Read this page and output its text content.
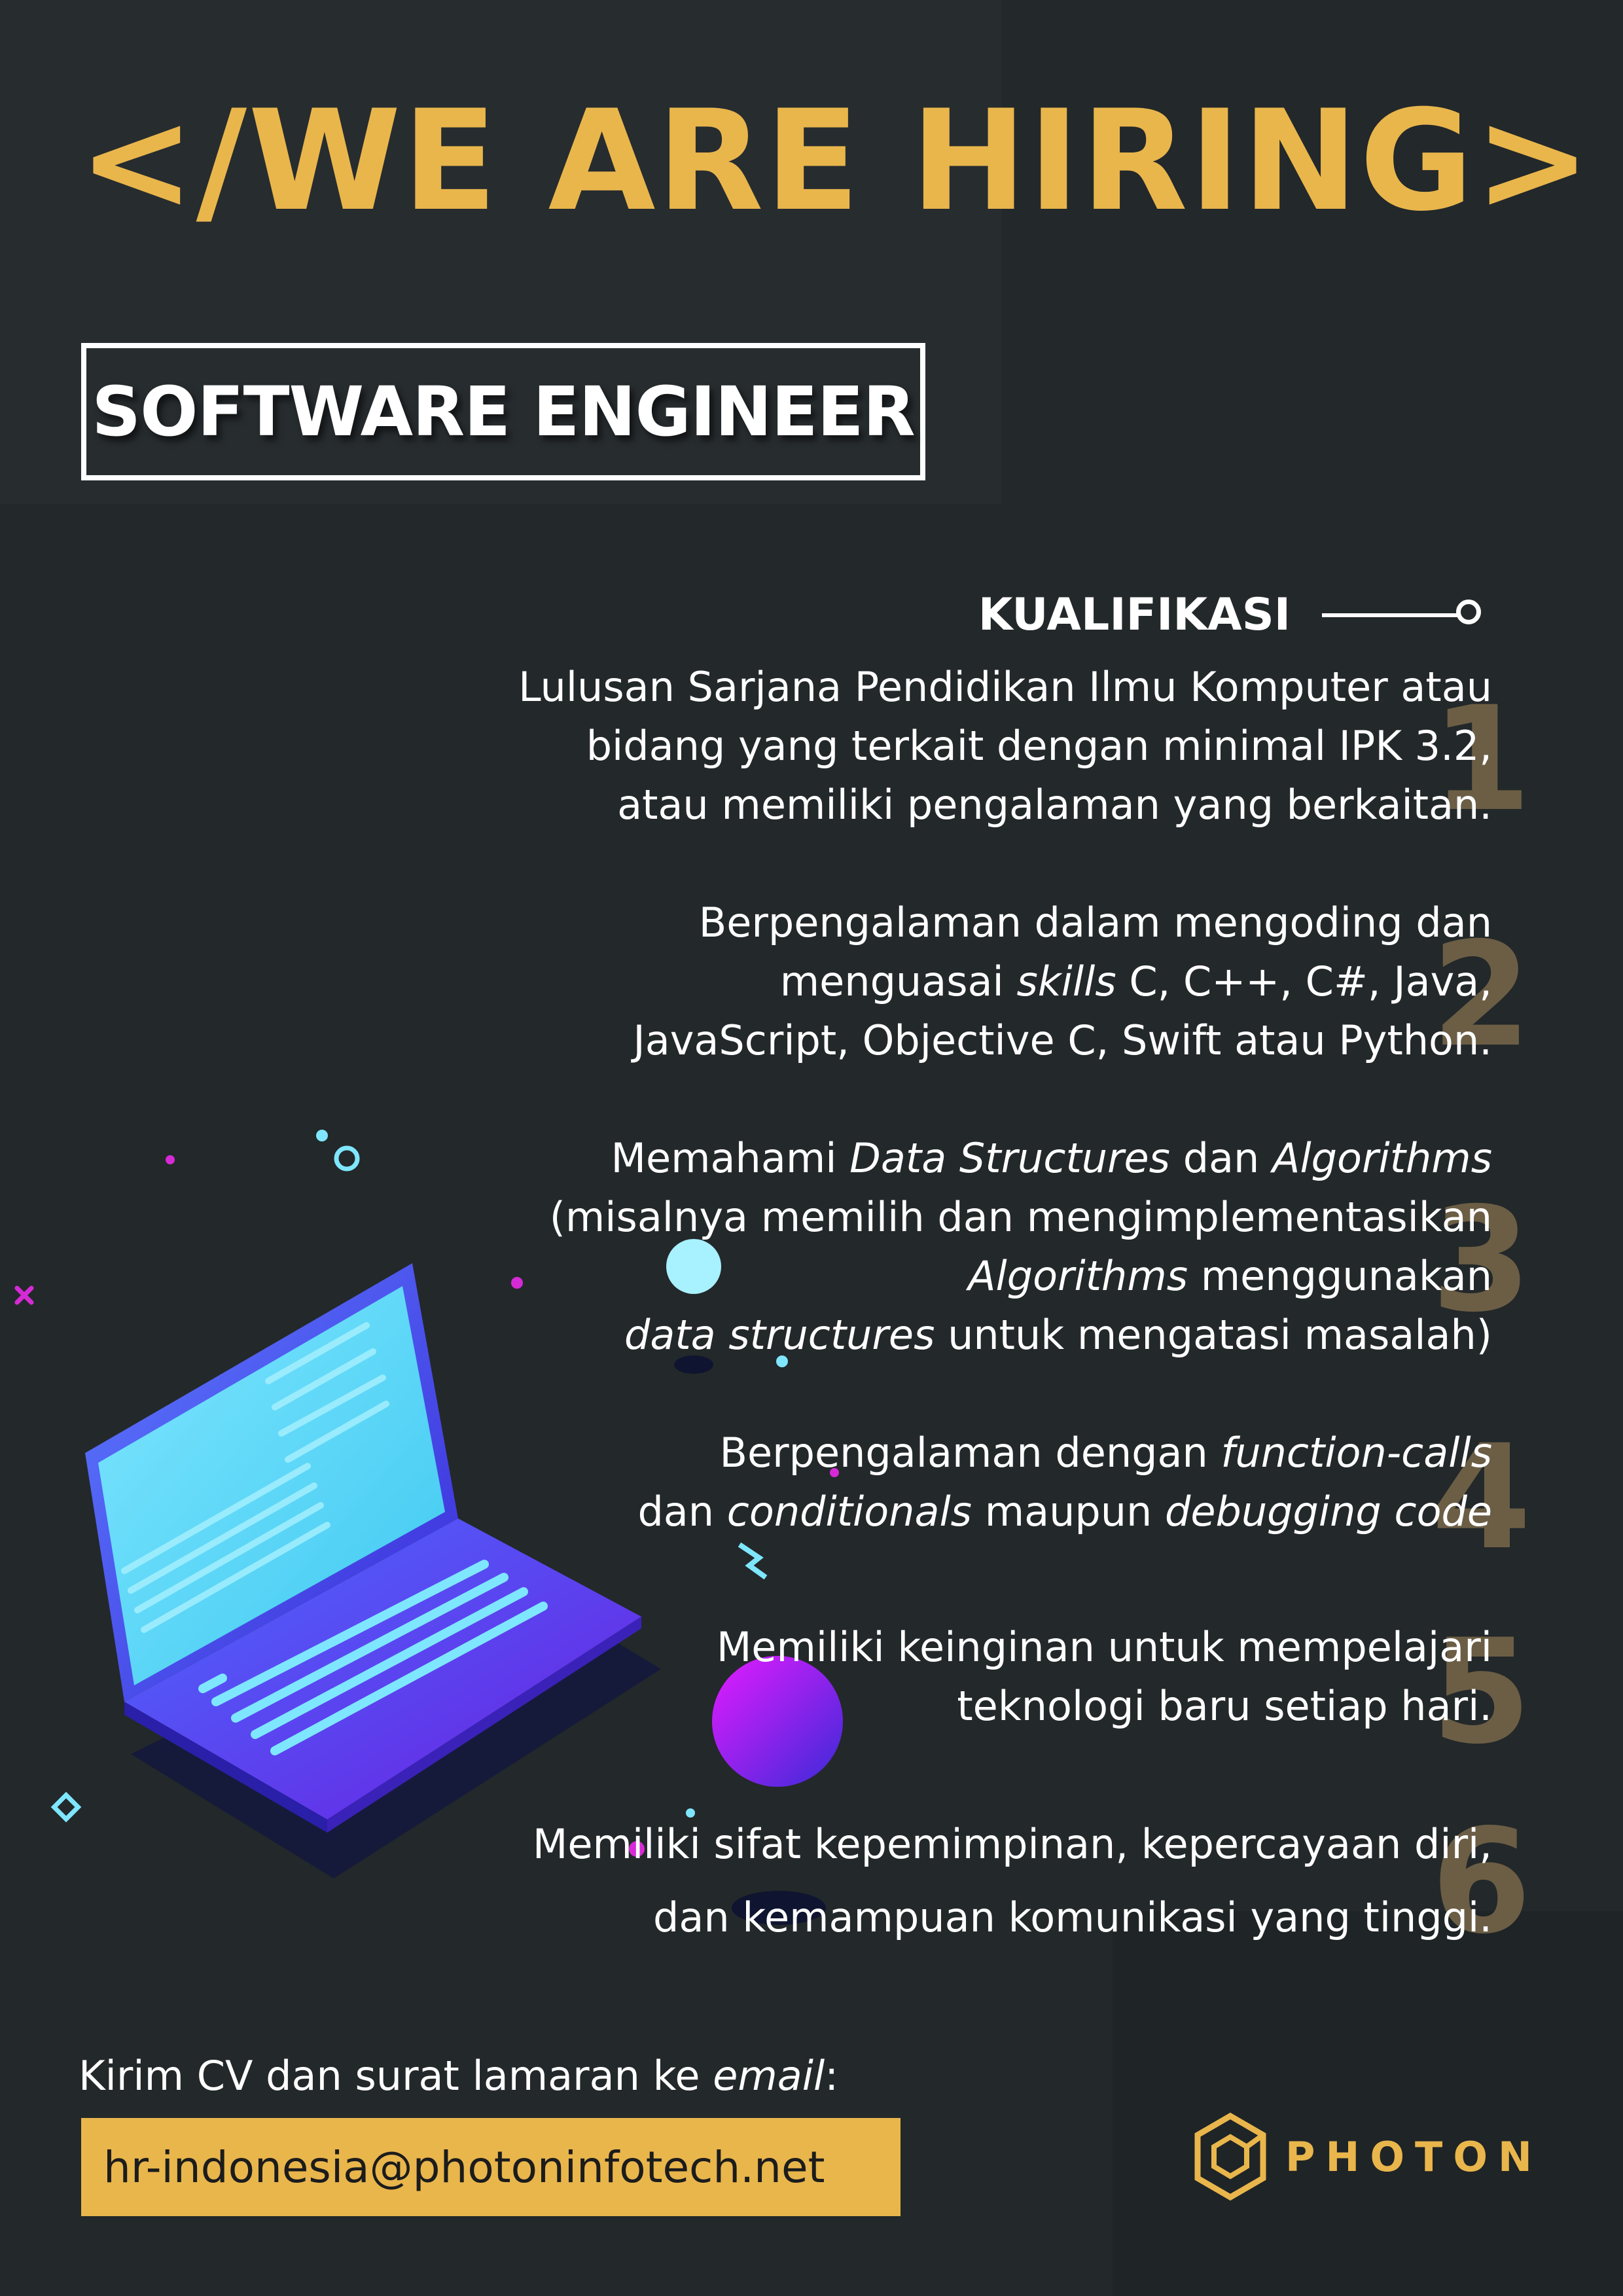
</WE ARE HIRING>
SOFTWARE ENGINEER
KUALIFIKASI
1
Lulusan Sarjana Pendidikan Ilmu Komputer atau
bidang yang terkait dengan minimal IPK 3.2,
atau memiliki pengalaman yang berkaitan.
2
Berpengalaman dalam mengoding dan
menguasai skills C, C++, C#, Java,
JavaScript, Objective C, Swift atau Python.
3
Memahami Data Structures dan Algorithms
(misalnya memilih dan mengimplementasikan
Algorithms menggunakan
data structures untuk mengatasi masalah)
4
Berpengalaman dengan function-calls
dan conditionals maupun debugging code
5
Memiliki keinginan untuk mempelajari
teknologi baru setiap hari.
6
Memiliki sifat kepemimpinan, kepercayaan diri,
dan kemampuan komunikasi yang tinggi.
Kirim CV dan surat lamaran ke email:
hr-indonesia@photoninfotech.net	PHOTON
